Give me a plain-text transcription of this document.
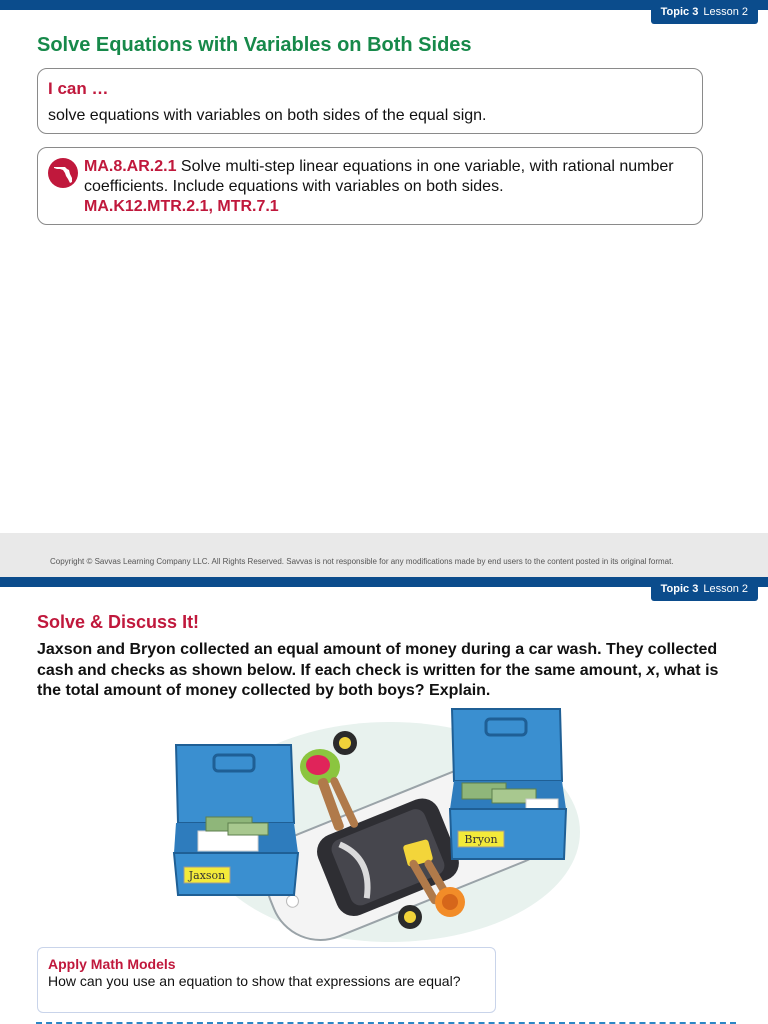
Topic 3 Lesson 2
Solve Equations with Variables on Both Sides
I can …
solve equations with variables on both sides of the equal sign.
MA.8.AR.2.1 Solve multi-step linear equations in one variable, with rational number coefficients. Include equations with variables on both sides.
MA.K12.MTR.2.1, MTR.7.1
Copyright © Savvas Learning Company LLC. All Rights Reserved. Savvas is not responsible for any modifications made by end users to the content posted in its original format.
Topic 3 Lesson 2
Solve & Discuss It!
Jaxson and Bryon collected an equal amount of money during a car wash. They collected cash and checks as shown below. If each check is written for the same amount, x, what is the total amount of money collected by both boys? Explain.
Jaxson
Bryon
Apply Math Models
How can you use an equation to show that expressions are equal?
